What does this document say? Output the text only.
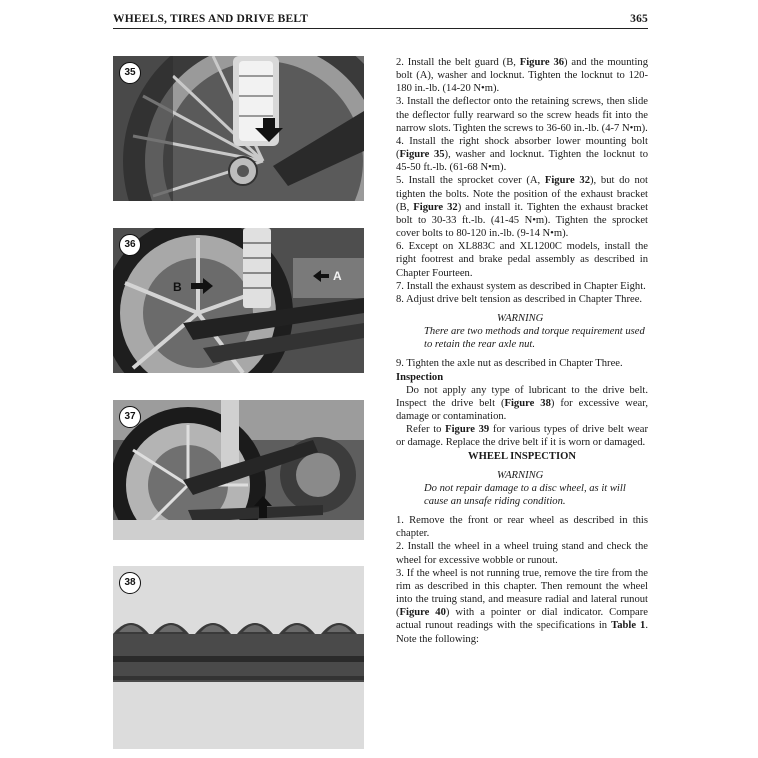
WHEELS, TIRES AND DRIVE BELT	365
35
B
A
36
37
38

2. Install the belt guard (B, Figure 36) and the mounting bolt (A), washer and locknut. Tighten the locknut to 120-180 in.-lb. (14-20 N•m).

3. Install the deflector onto the retaining screws, then slide the deflector fully rearward so the screw heads fit into the narrow slots. Tighten the screws to 36-60 in.-lb. (4-7 N•m).

4. Install the right shock absorber lower mounting bolt (Figure 35), washer and locknut. Tighten the locknut to 45-50 ft.-lb. (61-68 N•m).

5. Install the sprocket cover (A, Figure 32), but do not tighten the bolts. Note the position of the exhaust bracket (B, Figure 32) and install it. Tighten the exhaust bracket bolt to 30-33 ft.-lb. (41-45 N•m). Tighten the sprocket cover bolts to 80-120 in.-lb. (9-14 N•m).

6. Except on XL883C and XL1200C models, install the right footrest and brake pedal assembly as described in Chapter Fourteen.

7. Install the exhaust system as described in Chapter Eight.

8. Adjust drive belt tension as described in Chapter Three.

WARNING
There are two methods and torque requirement used to retain the rear axle nut.

9. Tighten the axle nut as described in Chapter Three.

Inspection

Do not apply any type of lubricant to the drive belt. Inspect the drive belt (Figure 38) for excessive wear, damage or contamination.

Refer to Figure 39 for various types of drive belt wear or damage. Replace the drive belt if it is worn or damaged.

WHEEL INSPECTION

WARNING
Do not repair damage to a disc wheel, as it will cause an unsafe riding condition.

1. Remove the front or rear wheel as described in this chapter.

2. Install the wheel in a wheel truing stand and check the wheel for excessive wobble or runout.

3. If the wheel is not running true, remove the tire from the rim as described in this chapter. Then remount the wheel into the truing stand, and measure radial and lateral runout (Figure 40) with a pointer or dial indicator. Compare actual runout readings with the specifications in Table 1. Note the following:
